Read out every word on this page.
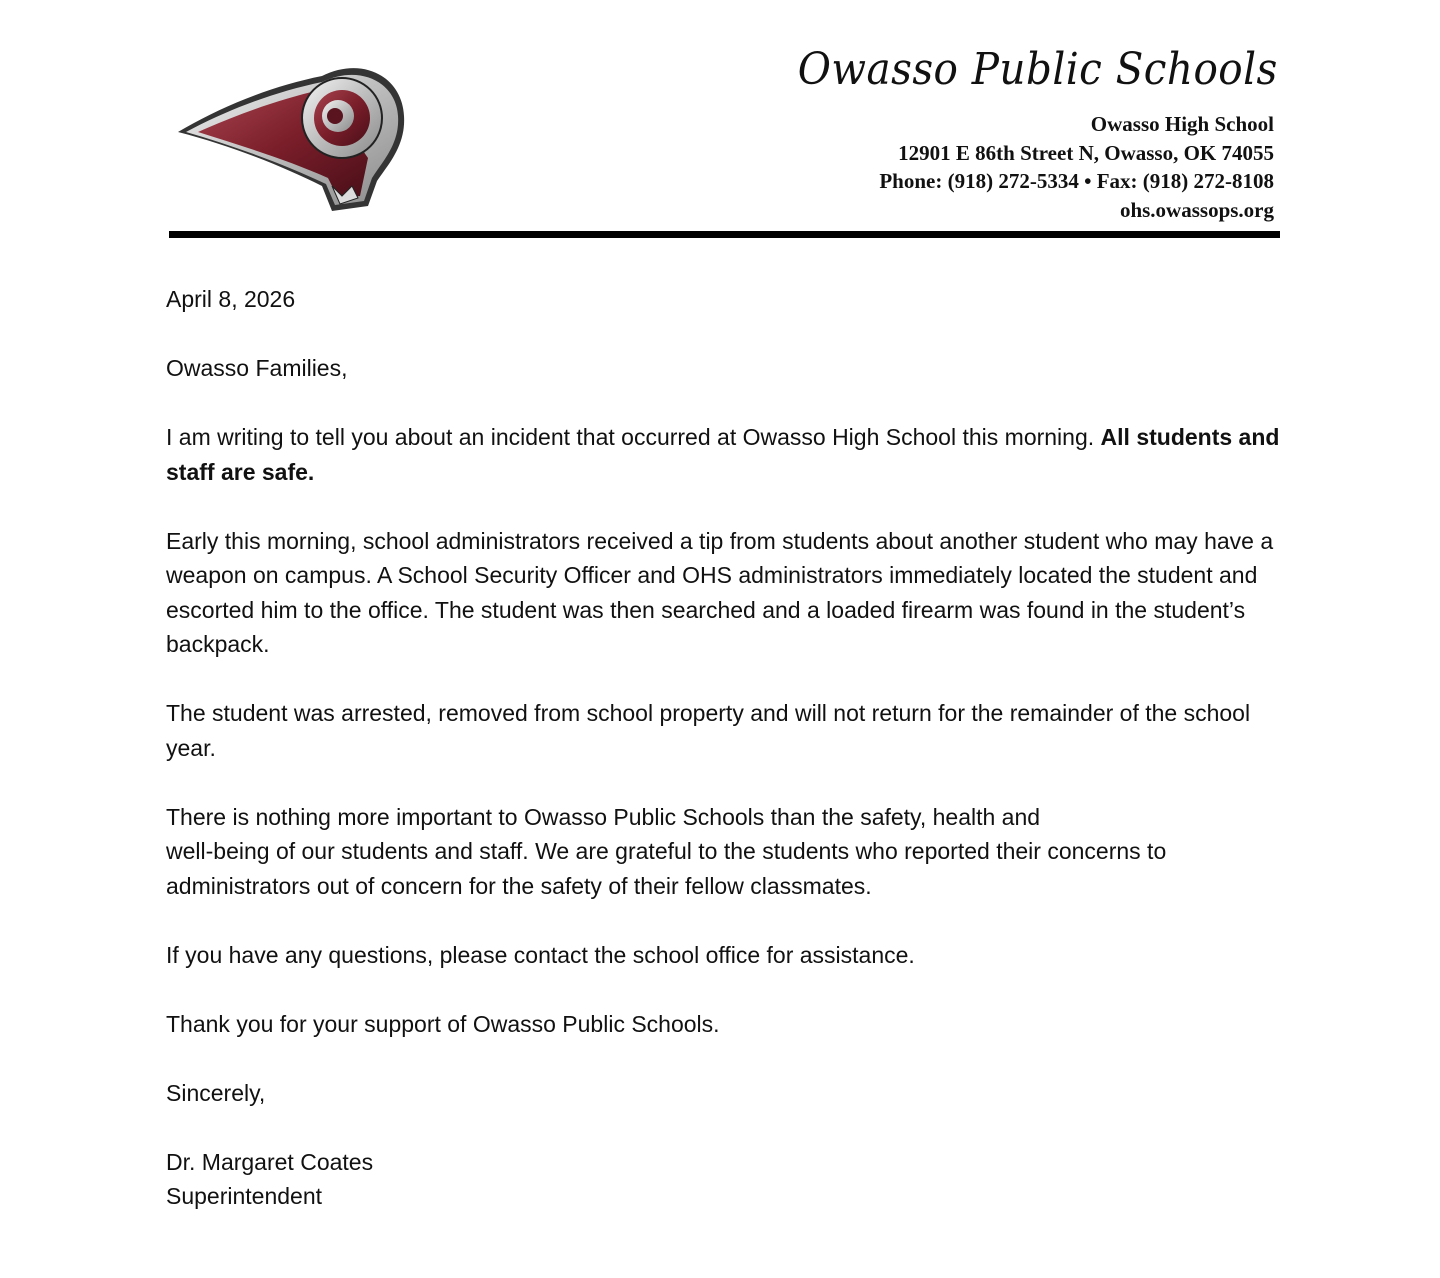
Owasso Public Schools
Owasso High School
12901 E 86th Street N, Owasso, OK 74055
Phone: (918) 272-5334 • Fax: (918) 272-8108
ohs.owassops.org

April 8, 2026

Owasso Families,

I am writing to tell you about an incident that occurred at Owasso High School this morning. All students and staff are safe.

Early this morning, school administrators received a tip from students about another student who may have a weapon on campus. A School Security Officer and OHS administrators immediately located the student and escorted him to the office. The student was then searched and a loaded firearm was found in the student’s backpack.

The student was arrested, removed from school property and will not return for the remainder of the school year.

There is nothing more important to Owasso Public Schools than the safety, health and
well-being of our students and staff. We are grateful to the students who reported their concerns to administrators out of concern for the safety of their fellow classmates.

If you have any questions, please contact the school office for assistance.

Thank you for your support of Owasso Public Schools.

Sincerely,

Dr. Margaret Coates

Superintendent
